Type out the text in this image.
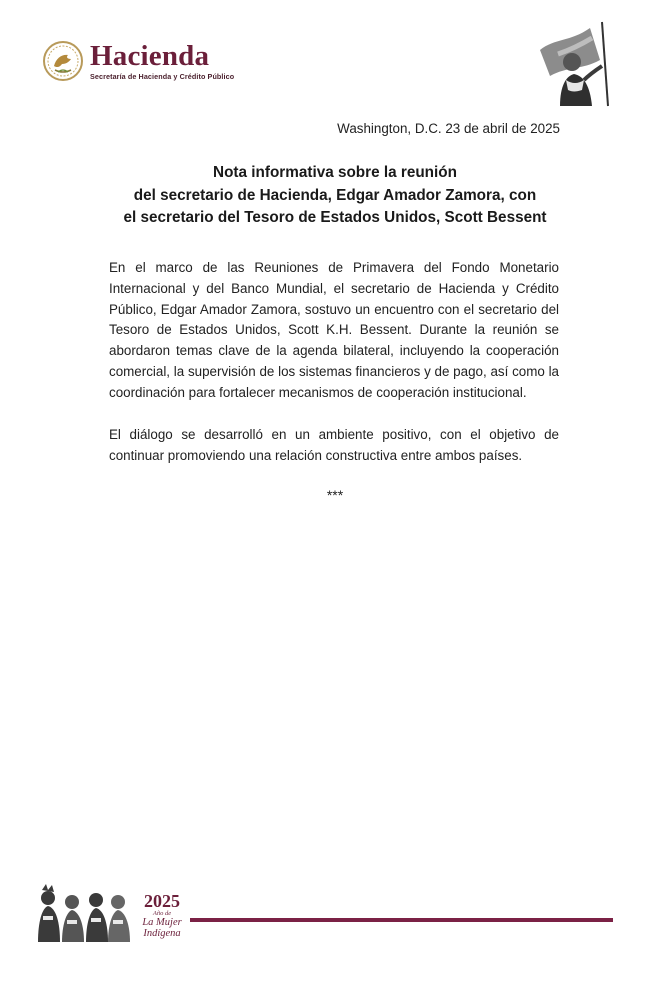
Hacienda
Secretaría de Hacienda y Crédito Público
Washington, D.C. 23 de abril de 2025
Nota informativa sobre la reunión
del secretario de Hacienda, Edgar Amador Zamora, con
el secretario del Tesoro de Estados Unidos, Scott Bessent

En el marco de las Reuniones de Primavera del Fondo Monetario Internacional y del Banco Mundial, el secretario de Hacienda y Crédito Público, Edgar Amador Zamora, sostuvo un encuentro con el secretario del Tesoro de Estados Unidos, Scott K.H. Bessent. Durante la reunión se abordaron temas clave de la agenda bilateral, incluyendo la cooperación comercial, la supervisión de los sistemas financieros y de pago, así como la coordinación para fortalecer mecanismos de cooperación institucional.

El diálogo se desarrolló en un ambiente positivo, con el objetivo de continuar promoviendo una relación constructiva entre ambos países.

***
2025
Año de
La Mujer
Indígena
